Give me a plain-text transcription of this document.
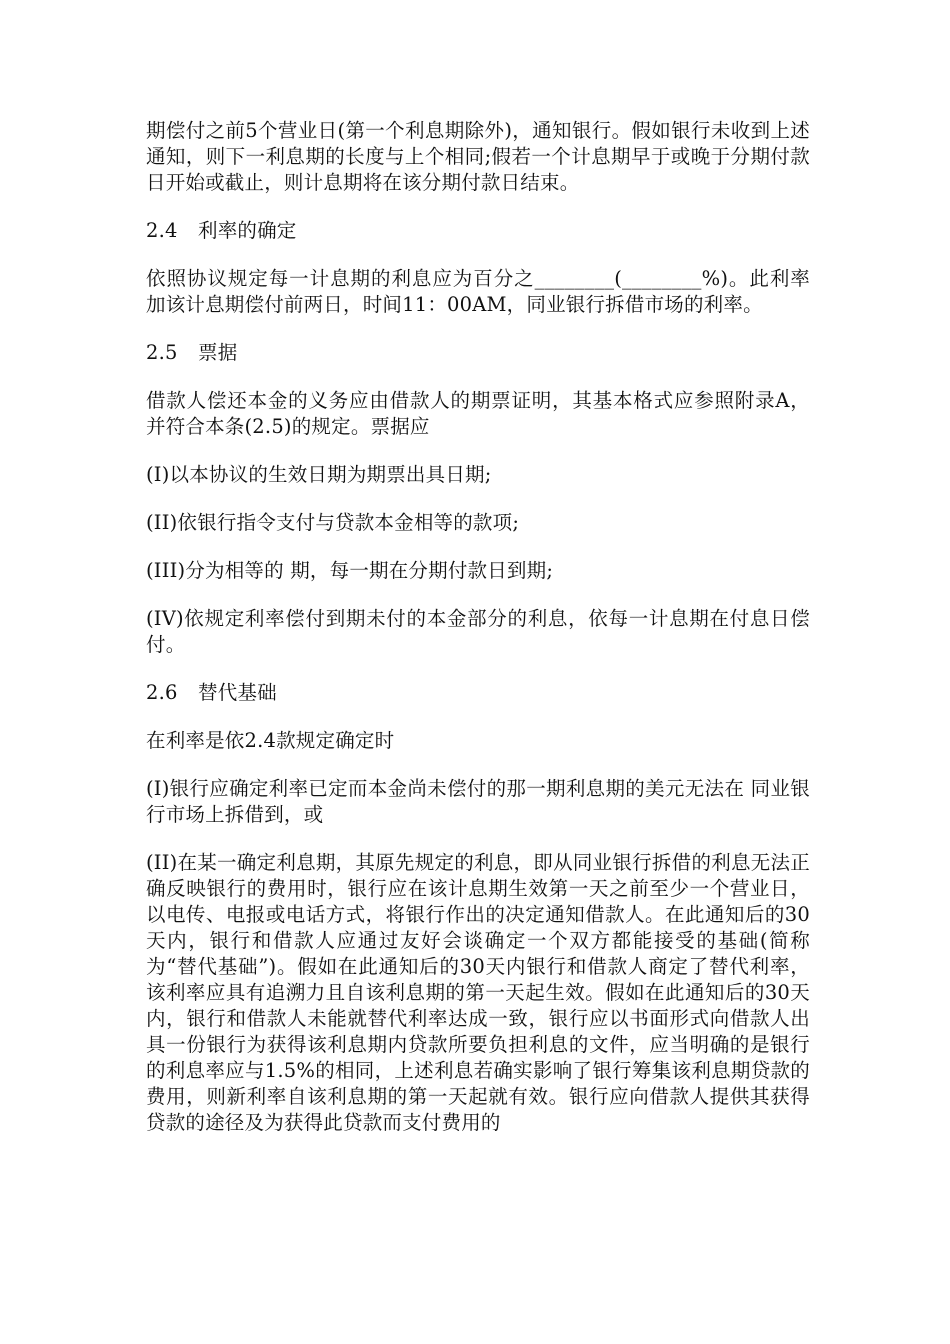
期偿付之前5个营业日(第一个利息期除外)，通知银行。假如银行未收到上述通知，则下一利息期的长度与上个相同;假若一个计息期早于或晚于分期付款日开始或截止，则计息期将在该分期付款日结束。

2.4 利率的确定

依照协议规定每一计息期的利息应为百分之________(________%)。此利率加该计息期偿付前两日，时间11：00AM，同业银行拆借市场的利率。

2.5 票据

借款人偿还本金的义务应由借款人的期票证明，其基本格式应参照附录A，并符合本条(2.5)的规定。票据应

(I)以本协议的生效日期为期票出具日期;

(II)依银行指令支付与贷款本金相等的款项;

(III)分为相等的 期，每一期在分期付款日到期;

(IV)依规定利率偿付到期未付的本金部分的利息，依每一计息期在付息日偿付。

2.6 替代基础

在利率是依2.4款规定确定时

(I)银行应确定利率已定而本金尚未偿付的那一期利息期的美元无法在 同业银行市场上拆借到，或

(II)在某一确定利息期，其原先规定的利息，即从同业银行拆借的利息无法正确反映银行的费用时，银行应在该计息期生效第一天之前至少一个营业日，以电传、电报或电话方式，将银行作出的决定通知借款人。在此通知后的30天内，银行和借款人应通过友好会谈确定一个双方都能接受的基础(简称为“替代基础”)。假如在此通知后的30天内银行和借款人商定了替代利率，该利率应具有追溯力且自该利息期的第一天起生效。假如在此通知后的30天内，银行和借款人未能就替代利率达成一致，银行应以书面形式向借款人出具一份银行为获得该利息期内贷款所要负担利息的文件，应当明确的是银行的利息率应与1.5%的相同，上述利息若确实影响了银行筹集该利息期贷款的费用，则新利率自该利息期的第一天起就有效。银行应向借款人提供其获得贷款的途径及为获得此贷款而支付费用的
